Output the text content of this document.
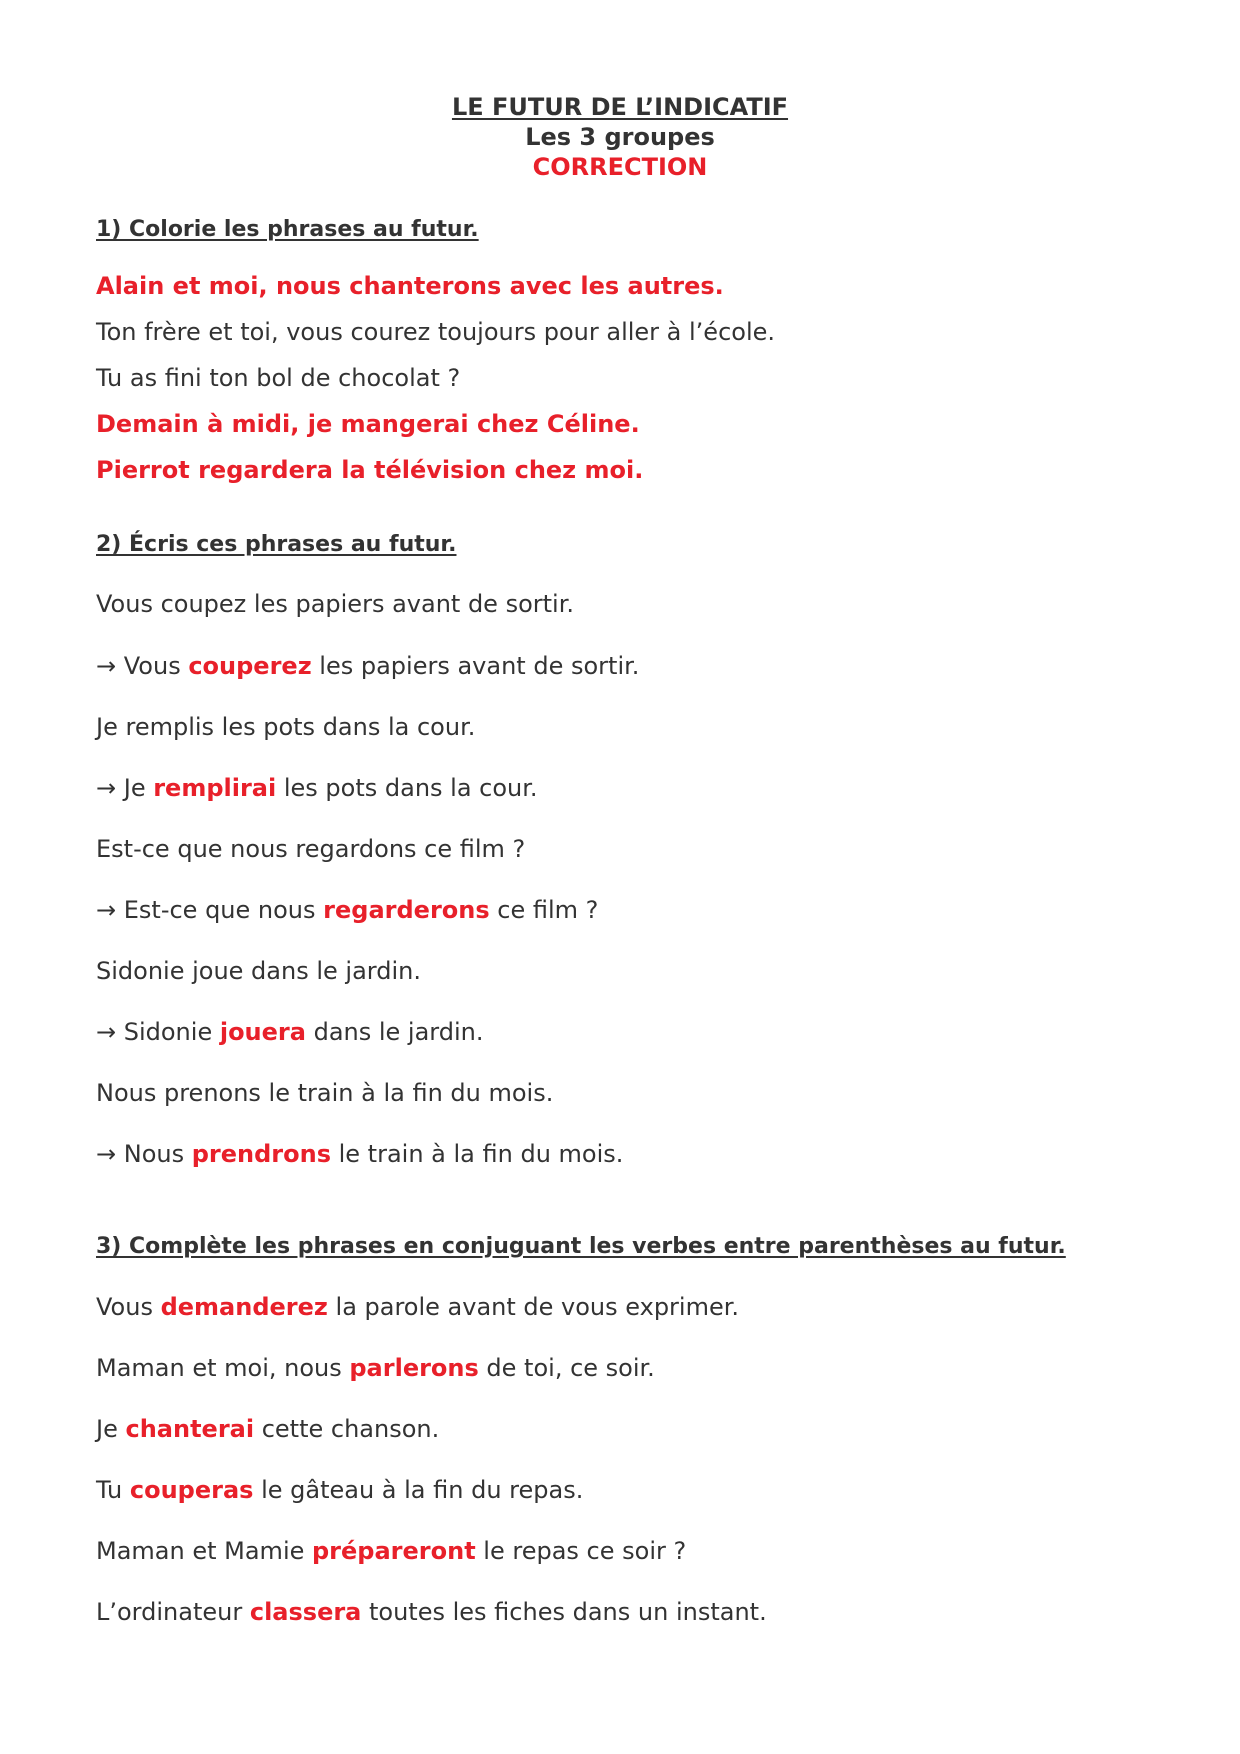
LE FUTUR DE L’INDICATIF
Les 3 groupes
CORRECTION
1) Colorie les phrases au futur.
Alain et moi, nous chanterons avec les autres.
Ton frère et toi, vous courez toujours pour aller à l’école.
Tu as fini ton bol de chocolat ?
Demain à midi, je mangerai chez Céline.
Pierrot regardera la télévision chez moi.
2) Écris ces phrases au futur.
Vous coupez les papiers avant de sortir.
→ Vous couperez les papiers avant de sortir.
Je remplis les pots dans la cour.
→ Je remplirai les pots dans la cour.
Est-ce que nous regardons ce film ?
→ Est-ce que nous regarderons ce film ?
Sidonie joue dans le jardin.
→ Sidonie jouera dans le jardin.
Nous prenons le train à la fin du mois.
→ Nous prendrons le train à la fin du mois.
3) Complète les phrases en conjuguant les verbes entre parenthèses au futur.
Vous demanderez la parole avant de vous exprimer.
Maman et moi, nous parlerons de toi, ce soir.
Je chanterai cette chanson.
Tu couperas le gâteau à la fin du repas.
Maman et Mamie prépareront le repas ce soir ?
L’ordinateur classera toutes les fiches dans un instant.
